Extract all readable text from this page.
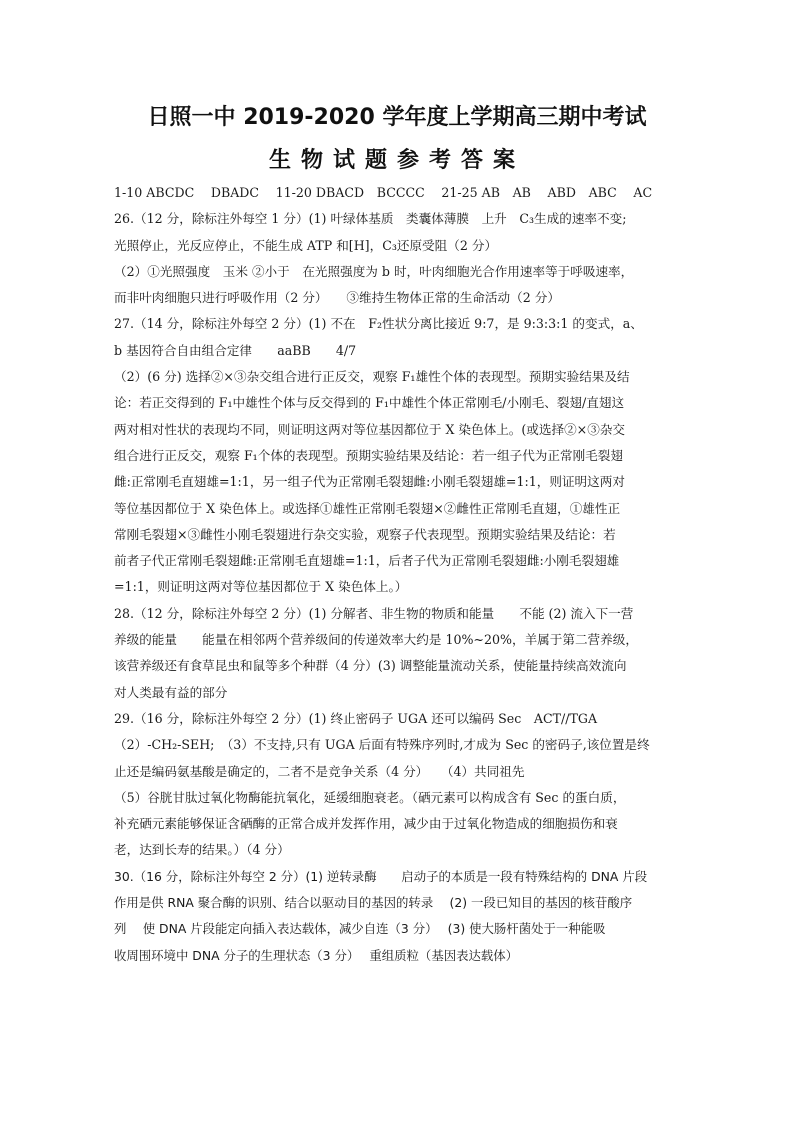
日照一中 2019-2020 学年度上学期高三期中考试
生物试题参考答案

1-10 ABCDC　 DBADC　 11-20 DBACD　BCCCC　 21-25 AB　AB　 ABD　ABC　 AC

26.（12 分，除标注外每空 1 分）(1) 叶绿体基质　类囊体薄膜　上升　C₃生成的速率不变;

光照停止，光反应停止，不能生成 ATP 和[H]，C₃还原受阻（2 分）

（2）①光照强度　玉米 ②小于　在光照强度为 b 时，叶肉细胞光合作用速率等于呼吸速率，

而非叶肉细胞只进行呼吸作用（2 分）　　③维持生物体正常的生命活动（2 分）

27.（14 分，除标注外每空 2 分）(1) 不在　F₂性状分离比接近 9:7，是 9:3:3:1 的变式，a、

b 基因符合自由组合定律　　aaBB　　4/7

（2）(6 分) 选择②×③杂交组合进行正反交，观察 F₁雄性个体的表现型。预期实验结果及结

论：若正交得到的 F₁中雄性个体与反交得到的 F₁中雄性个体正常刚毛/小刚毛、裂翅/直翅这

两对相对性状的表现均不同，则证明这两对等位基因都位于 X 染色体上。(或选择②×③杂交

组合进行正反交，观察 F₁个体的表现型。预期实验结果及结论：若一组子代为正常刚毛裂翅

雌:正常刚毛直翅雄=1:1，另一组子代为正常刚毛裂翅雌:小刚毛裂翅雄=1:1，则证明这两对

等位基因都位于 X 染色体上。或选择①雄性正常刚毛裂翅×②雌性正常刚毛直翅，①雄性正

常刚毛裂翅×③雌性小刚毛裂翅进行杂交实验，观察子代表现型。预期实验结果及结论：若

前者子代正常刚毛裂翅雌:正常刚毛直翅雄=1:1，后者子代为正常刚毛裂翅雌:小刚毛裂翅雄

=1:1，则证明这两对等位基因都位于 X 染色体上。）

28.（12 分，除标注外每空 2 分）(1) 分解者、非生物的物质和能量　　不能 (2) 流入下一营

养级的能量　　能量在相邻两个营养级间的传递效率大约是 10%~20%，羊属于第二营养级，

该营养级还有食草昆虫和鼠等多个种群（4 分）(3) 调整能量流动关系，使能量持续高效流向

对人类最有益的部分

29.（16 分，除标注外每空 2 分）(1) 终止密码子 UGA 还可以编码 Sec　ACT//TGA

（2）-CH₂-SEH;　（3）不支持,只有 UGA 后面有特殊序列时,才成为 Sec 的密码子,该位置是终

止还是编码氨基酸是确定的，二者不是竞争关系（4 分）　　（4）共同祖先

（5）谷胱甘肽过氧化物酶能抗氧化，延缓细胞衰老。（硒元素可以构成含有 Sec 的蛋白质，

补充硒元素能够保证含硒酶的正常合成并发挥作用，减少由于过氧化物造成的细胞损伤和衰

老，达到长寿的结果。）（4 分）

30.（16 分，除标注外每空 2 分）(1) 逆转录酶　　启动子的本质是一段有特殊结构的 DNA 片段

作用是供 RNA 聚合酶的识别、结合以驱动目的基因的转录　 (2) 一段已知目的基因的核苷酸序

列　 使 DNA 片段能定向插入表达载体，减少自连（3 分）　 (3) 使大肠杆菌处于一种能吸

收周围环境中 DNA 分子的生理状态（3 分）　 重组质粒（基因表达载体）
